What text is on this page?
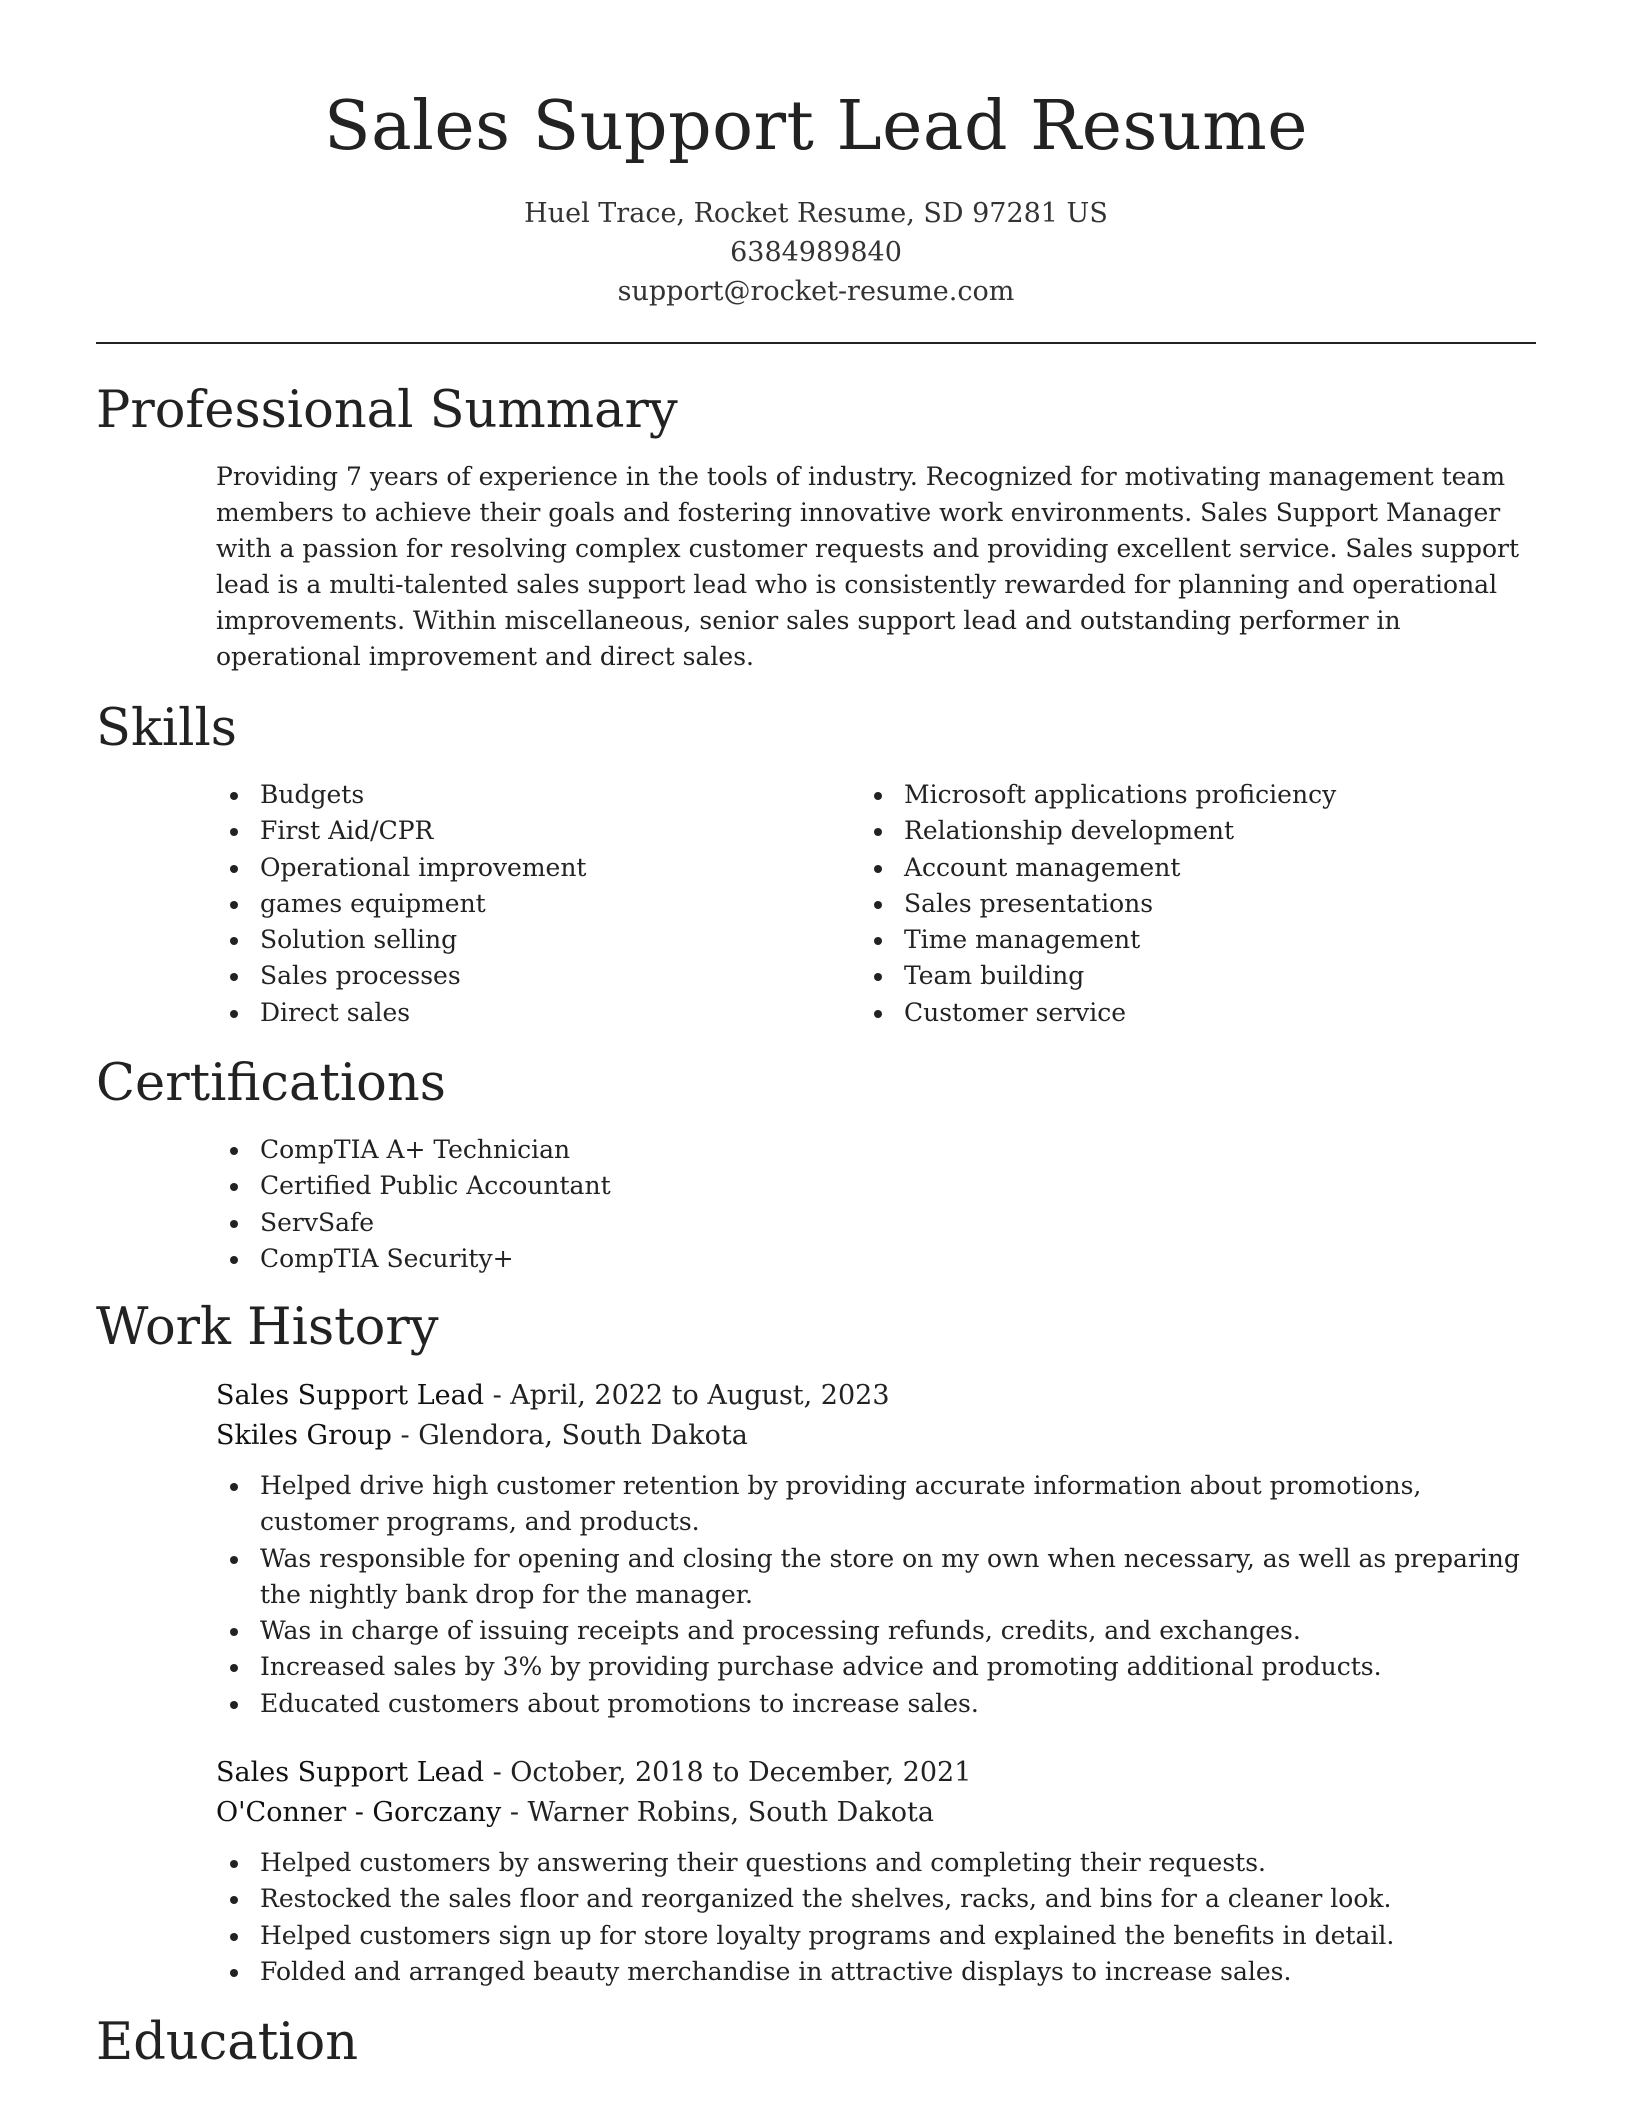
Sales Support Lead Resume
Huel Trace, Rocket Resume, SD 97281 US
6384989840
support@rocket-resume.com
Professional Summary

Providing 7 years of experience in the tools of industry. Recognized for motivating management team members to achieve their goals and fostering innovative work environments. Sales Support Manager with a passion for resolving complex customer requests and providing excellent service. Sales support lead is a multi-talented sales support lead who is consistently rewarded for planning and operational improvements. Within miscellaneous, senior sales support lead and outstanding performer in operational improvement and direct sales.

Skills
Budgets
First Aid/CPR
Operational improvement
games equipment
Solution selling
Sales processes
Direct sales
Microsoft applications proficiency
Relationship development
Account management
Sales presentations
Time management
Team building
Customer service
Certifications
CompTIA A+ Technician
Certified Public Accountant
ServSafe
CompTIA Security+
Work History
Sales Support Lead - April, 2022 to August, 2023
Skiles Group - Glendora, South Dakota
Helped drive high customer retention by providing accurate information about promotions, customer programs, and products.
Was responsible for opening and closing the store on my own when necessary, as well as preparing the nightly bank drop for the manager.
Was in charge of issuing receipts and processing refunds, credits, and exchanges.
Increased sales by 3% by providing purchase advice and promoting additional products.
Educated customers about promotions to increase sales.
Sales Support Lead - October, 2018 to December, 2021
O'Conner - Gorczany - Warner Robins, South Dakota
Helped customers by answering their questions and completing their requests.
Restocked the sales floor and reorganized the shelves, racks, and bins for a cleaner look.
Helped customers sign up for store loyalty programs and explained the benefits in detail.
Folded and arranged beauty merchandise in attractive displays to increase sales.
Education
